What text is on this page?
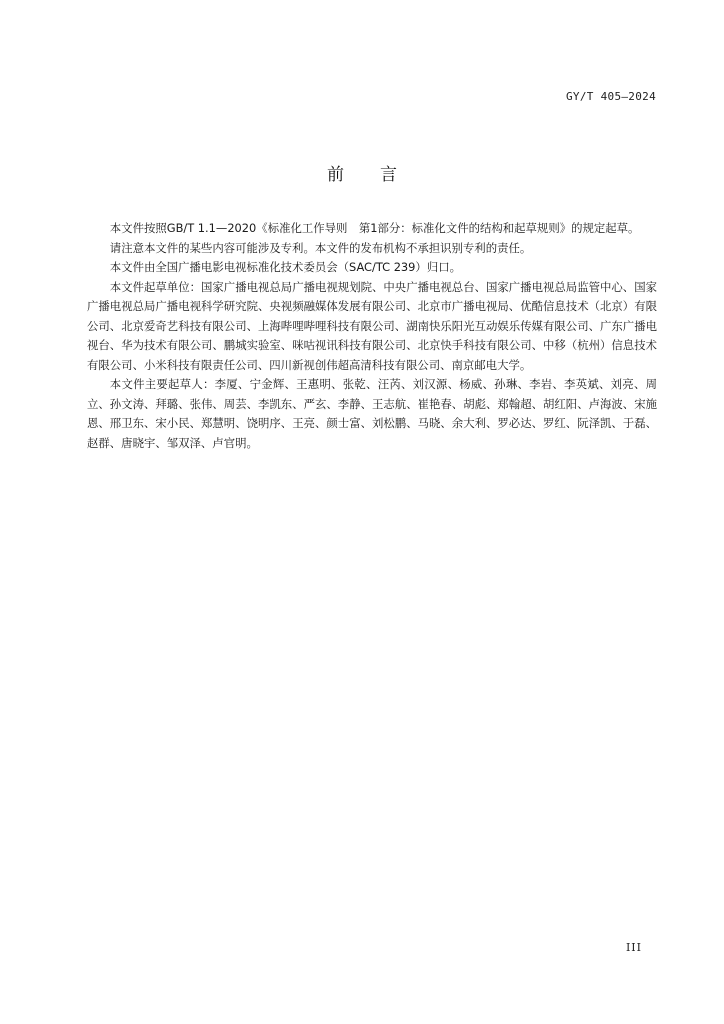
GY/T 405—2024
前言

本文件按照GB/T 1.1—2020《标准化工作导则　第1部分：标准化文件的结构和起草规则》的规定起草。

请注意本文件的某些内容可能涉及专利。本文件的发布机构不承担识别专利的责任。

本文件由全国广播电影电视标准化技术委员会（SAC/TC 239）归口。

本文件起草单位：国家广播电视总局广播电视规划院、中央广播电视总台、国家广播电视总局监管中心、国家广播电视总局广播电视科学研究院、央视频融媒体发展有限公司、北京市广播电视局、优酷信息技术（北京）有限公司、北京爱奇艺科技有限公司、上海哔哩哔哩科技有限公司、湖南快乐阳光互动娱乐传媒有限公司、广东广播电视台、华为技术有限公司、鹏城实验室、咪咕视讯科技有限公司、北京快手科技有限公司、中移（杭州）信息技术有限公司、小米科技有限责任公司、四川新视创伟超高清科技有限公司、南京邮电大学。

本文件主要起草人：李厦、宁金辉、王惠明、张乾、汪芮、刘汉源、杨威、孙琳、李岩、李英斌、刘亮、周立、孙文涛、拜璐、张伟、周芸、李凯东、严玄、李静、王志航、崔艳春、胡彪、郑翰超、胡红阳、卢海波、宋施恩、邢卫东、宋小民、郑慧明、饶明序、王亮、颜士富、刘松鹏、马晓、余大利、罗必达、罗红、阮泽凯、于磊、赵群、唐晓宇、邹双泽、卢官明。

III
